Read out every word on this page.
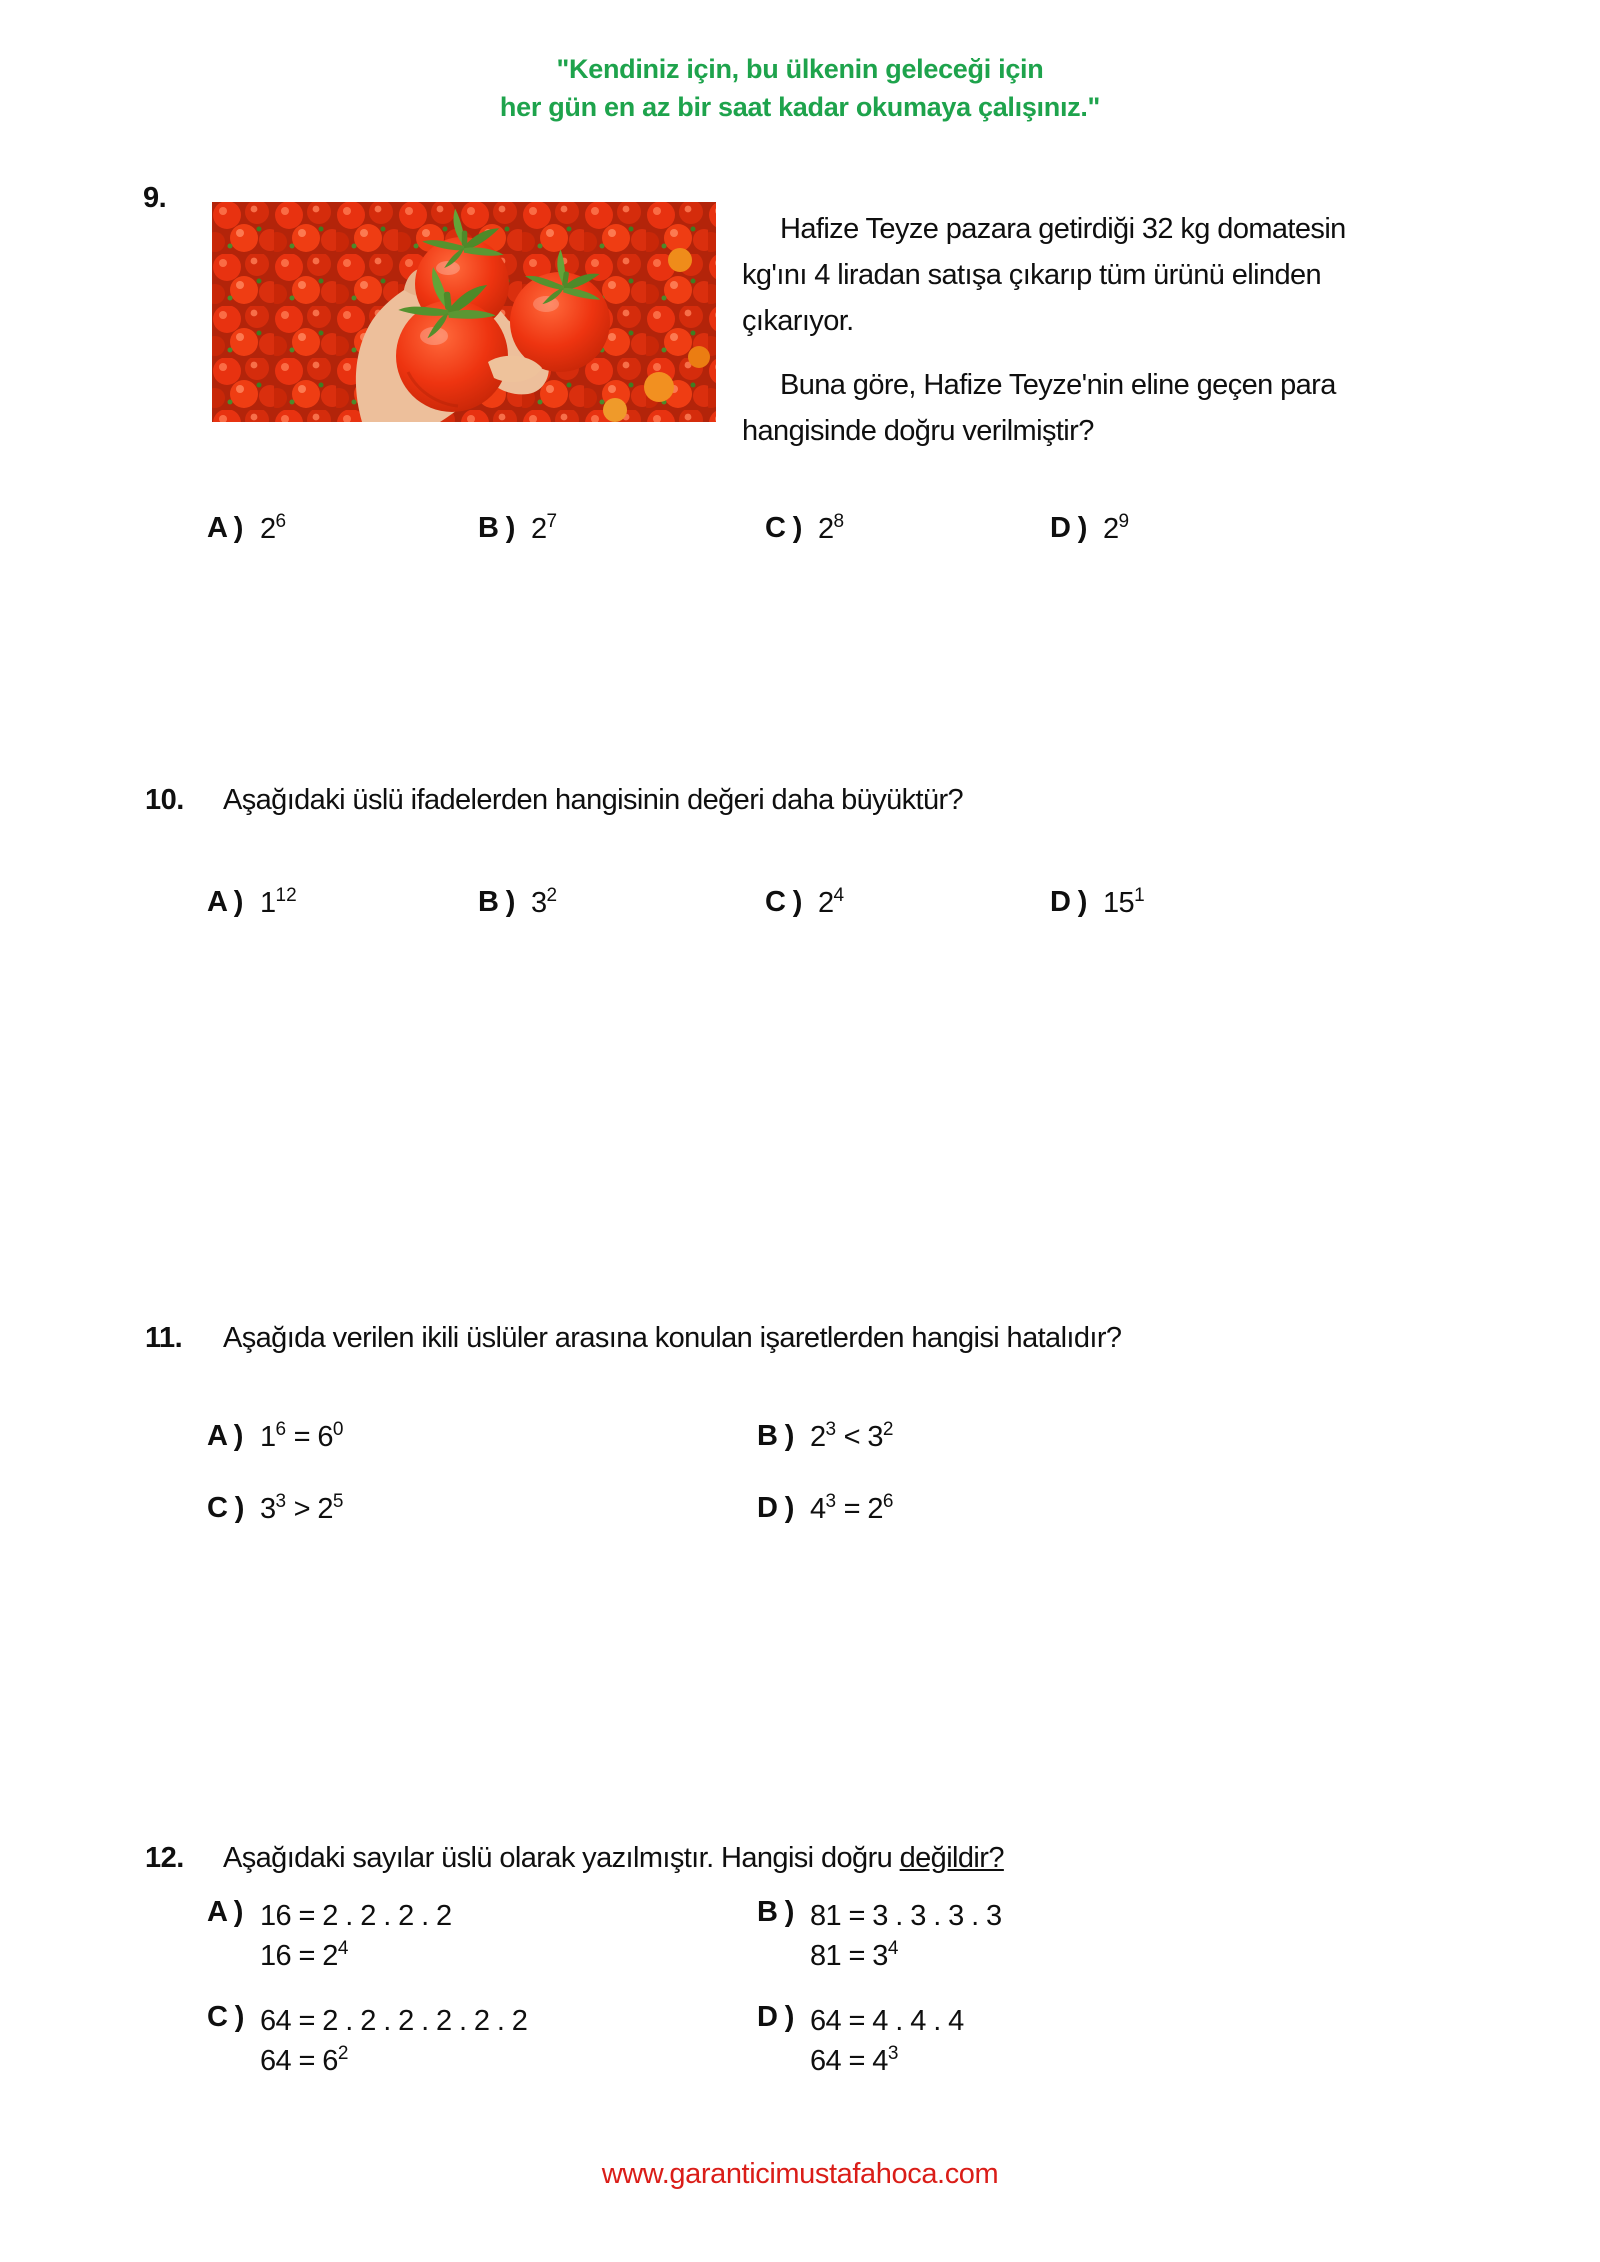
"Kendiniz için, bu ülkenin geleceği için
her gün en az bir saat kadar okumaya çalışınız."
9.
Hafize Teyze pazara getirdiği 32 kg domatesin
kg'ını 4 liradan satışa çıkarıp tüm ürünü elinden
çıkarıyor.
Buna göre, Hafize Teyze'nin eline geçen para
hangisinde doğru verilmiştir?
A ) $2^6$	B ) $2^7$	C ) $2^8$	D ) $2^9$
10. Aşağıdaki üslü ifadelerden hangisinin değeri daha büyüktür?
A ) $1^{12}$	B ) $3^2$	C ) $2^4$	D ) $15^1$
11. Aşağıda verilen ikili üslüler arasına konulan işaretlerden hangisi hatalıdır?
A ) $1^6 = 6^0$	B ) $2^3 < 3^2$
C ) $3^3 > 2^5$	D ) $4^3 = 2^6$
12. Aşağıdaki sayılar üslü olarak yazılmıştır. Hangisi doğru değildir?
A ) 16 = 2 . 2 . 2 . 2
$16 = 2^4$
B ) 81 = 3 . 3 . 3 . 3
$81 = 3^4$
C ) 64 = 2 . 2 . 2 . 2 . 2 . 2
$64 = 6^2$
D ) 64 = 4 . 4 . 4
$64 = 4^3$
www.garanticimustafahoca.com
